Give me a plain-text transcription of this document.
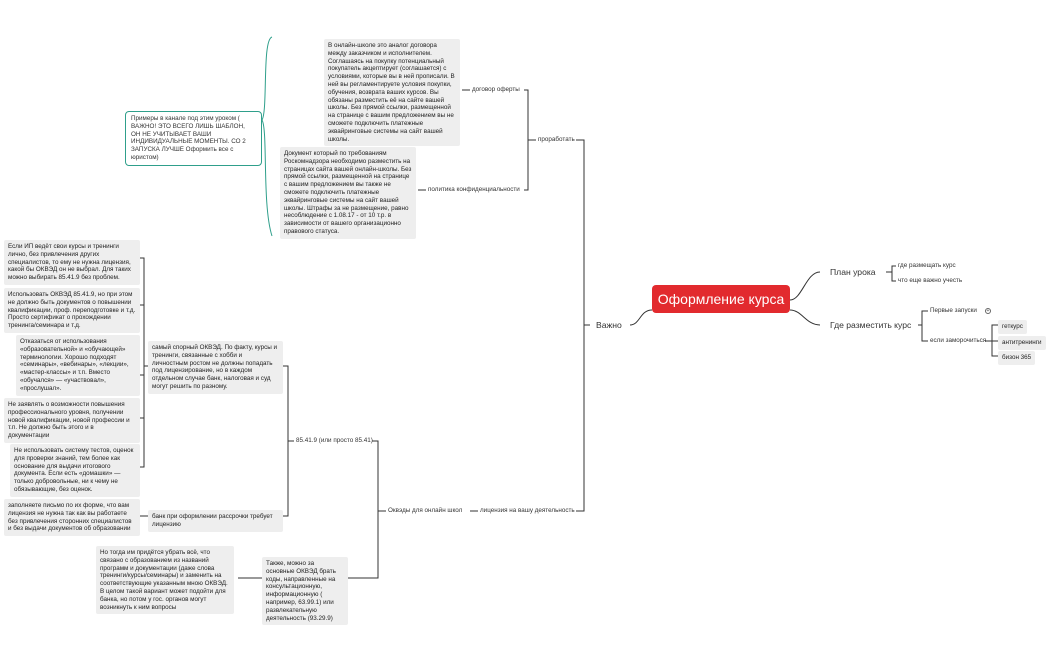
Оформление курса
План урока
где размещать курс
что еще важно учесть
Где разместить курс
Первые запуски	+
если заморочиться
геткурс
антитренинги
бизон 365
Важно
проработать
договор оферты
В онлайн-школе это аналог договора между заказчиком и исполнителем. Соглашаясь на покупку потенциальный покупатель акцептирует (соглашается) с условиями, которые вы в ней прописали. В ней вы регламентируете условия покупки, обучения, возврата ваших курсов. Вы обязаны разместить её на сайте вашей школы. Без прямой ссылки, размещенной на странице с вашим предложением вы не сможете подключить платежные эквайринговые системы на сайт вашей школы.
политика конфиденциальности
Документ который по требованиям Роскомнадзора необходимо разместить на страницах сайта вашей онлайн-школы. Без прямой ссылки, размещенной на странице с вашим предложением вы также не сможете подключить платежные эквайринговые системы на сайт вашей школы. Штрафы за не размещение, равно несоблюдение с 1.08.17 - от 10 т.р. в зависимости от вашего организационно правового статуса.
Примеры в канале под этим уроком ( ВАЖНО! ЭТО ВСЕГО ЛИШЬ ШАБЛОН, ОН НЕ УЧИТЫВАЕТ ВАШИ ИНДИВИДУАЛЬНЫЕ МОМЕНТЫ. СО 2 ЗАПУСКА ЛУЧШЕ Оформить все с юристом)
лицензия на вашу деятельность
Оквэды для онлайн школ
85.41.9 (или просто 85.41)
самый спорный ОКВЭД. По факту, курсы и тренинги, связанные с хобби и личностным ростом не должны попадать под лицензирование, но в каждом отдельном случае банк, налоговая и суд могут решить по разному.
Если ИП ведёт свои курсы и тренинги лично, без привлечения других специалистов, то ему не нужна лицензия, какой бы ОКВЭД он не выбрал. Для таких можно выбирать 85.41.9 без проблем.
Использовать ОКВЭД 85.41.9, но при этом не должно быть документов о повышении квалификации, проф. переподготовке и т.д. Просто сертификат о прохождении тренинга/семинара и т.д.
Отказаться от использования «образовательной» и «обучающей» терминологии. Хорошо подходят «семинары», «вебинары», «лекции», «мастер-классы» и т.п. Вместо «обучался» — «участвовал», «прослушал».
Не заявлять о возможности повышения профессионального уровня, получении новой квалификации, новой профессии и т.п. Не должно быть этого и в документации
Не использовать систему тестов, оценок для проверки знаний, тем более как основание для выдачи итогового документа. Если есть «домашки» — только добровольные, ни к чему не обязывающие, без оценок.
банк при оформлении рассрочки требует лицензию
заполняете письмо по их форме, что вам лицензия не нужна так как вы работаете без привлечения сторонних специалистов и без выдачи документов об образовании
Также, можно за основные ОКВЭД брать коды, направленные на консультационную, информационную ( например, 63.99.1) или развлекательную деятельность (93.29.9)
Но тогда им придётся убрать всё, что связано с образованием из названий программ и документации (даже слова тренинги/курсы/семинары) и заменить на соответствующие указанным мною ОКВЭД. В целом такой вариант может подойти для банка, но потом у гос. органов могут возникнуть к ним вопросы
